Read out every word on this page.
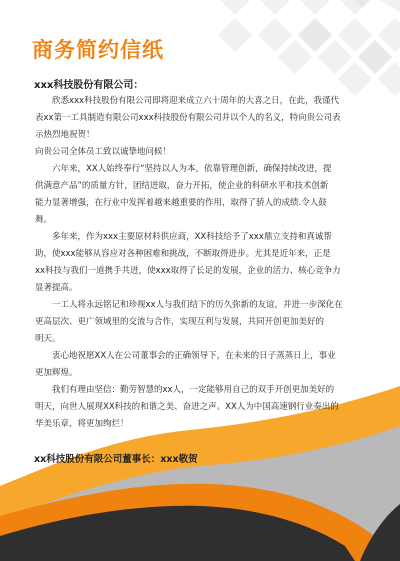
商务简约信纸
xxx科技股份有限公司：
欣悉xxx科技股份有限公司即将迎来成立六十周年的大喜之日，在此，我谨代
表xx第一工具制造有限公司xxx科技股份有限公司并以个人的名义，特向贵公司表
示热烈地祝贺！
向贵公司全体员工致以诚挚地问候！
六年来，XX人始终奉行“坚持以人为本，依靠管理创新，确保持续改进，提
供满意产品”的质量方针，团结进取，奋力开拓，使企业的科研水平和技术创新
能力显著增强，在行业中发挥着越来越重要的作用，取得了骄人的成绩.令人鼓
舞。
多年来，作为xxx主要原材料供应商，XX科技给予了xxx鼎立支持和真诚帮
助，使xxx能够从容应对各种困难和挑战，不断取得进步。尤其是近年来，正是
xx科技与我们一道携手共进，使xxx取得了长足的发展，企业的活力、核心竞争力
显著提高。
一工人将永远铭记和珍视xx人与我们结下的历久弥新的友谊，并进一步深化在
更高层次、更广领域里的交流与合作，实现互利与发展，共同开创更加美好的
明天。
衷心地祝愿XX人在公司董事会的正确领导下，在未来的日子蒸蒸日上，事业
更加辉煌。
我们有理由坚信：勤劳智慧的xx人，一定能够用自己的双手开创更加美好的
明天，向世人展现XX科技的和谐之美、奋进之声。XX人为中国高速钢行业奏出的
华美乐章，将更加绚烂！
xx科技股份有限公司董事长：xxx敬贺
